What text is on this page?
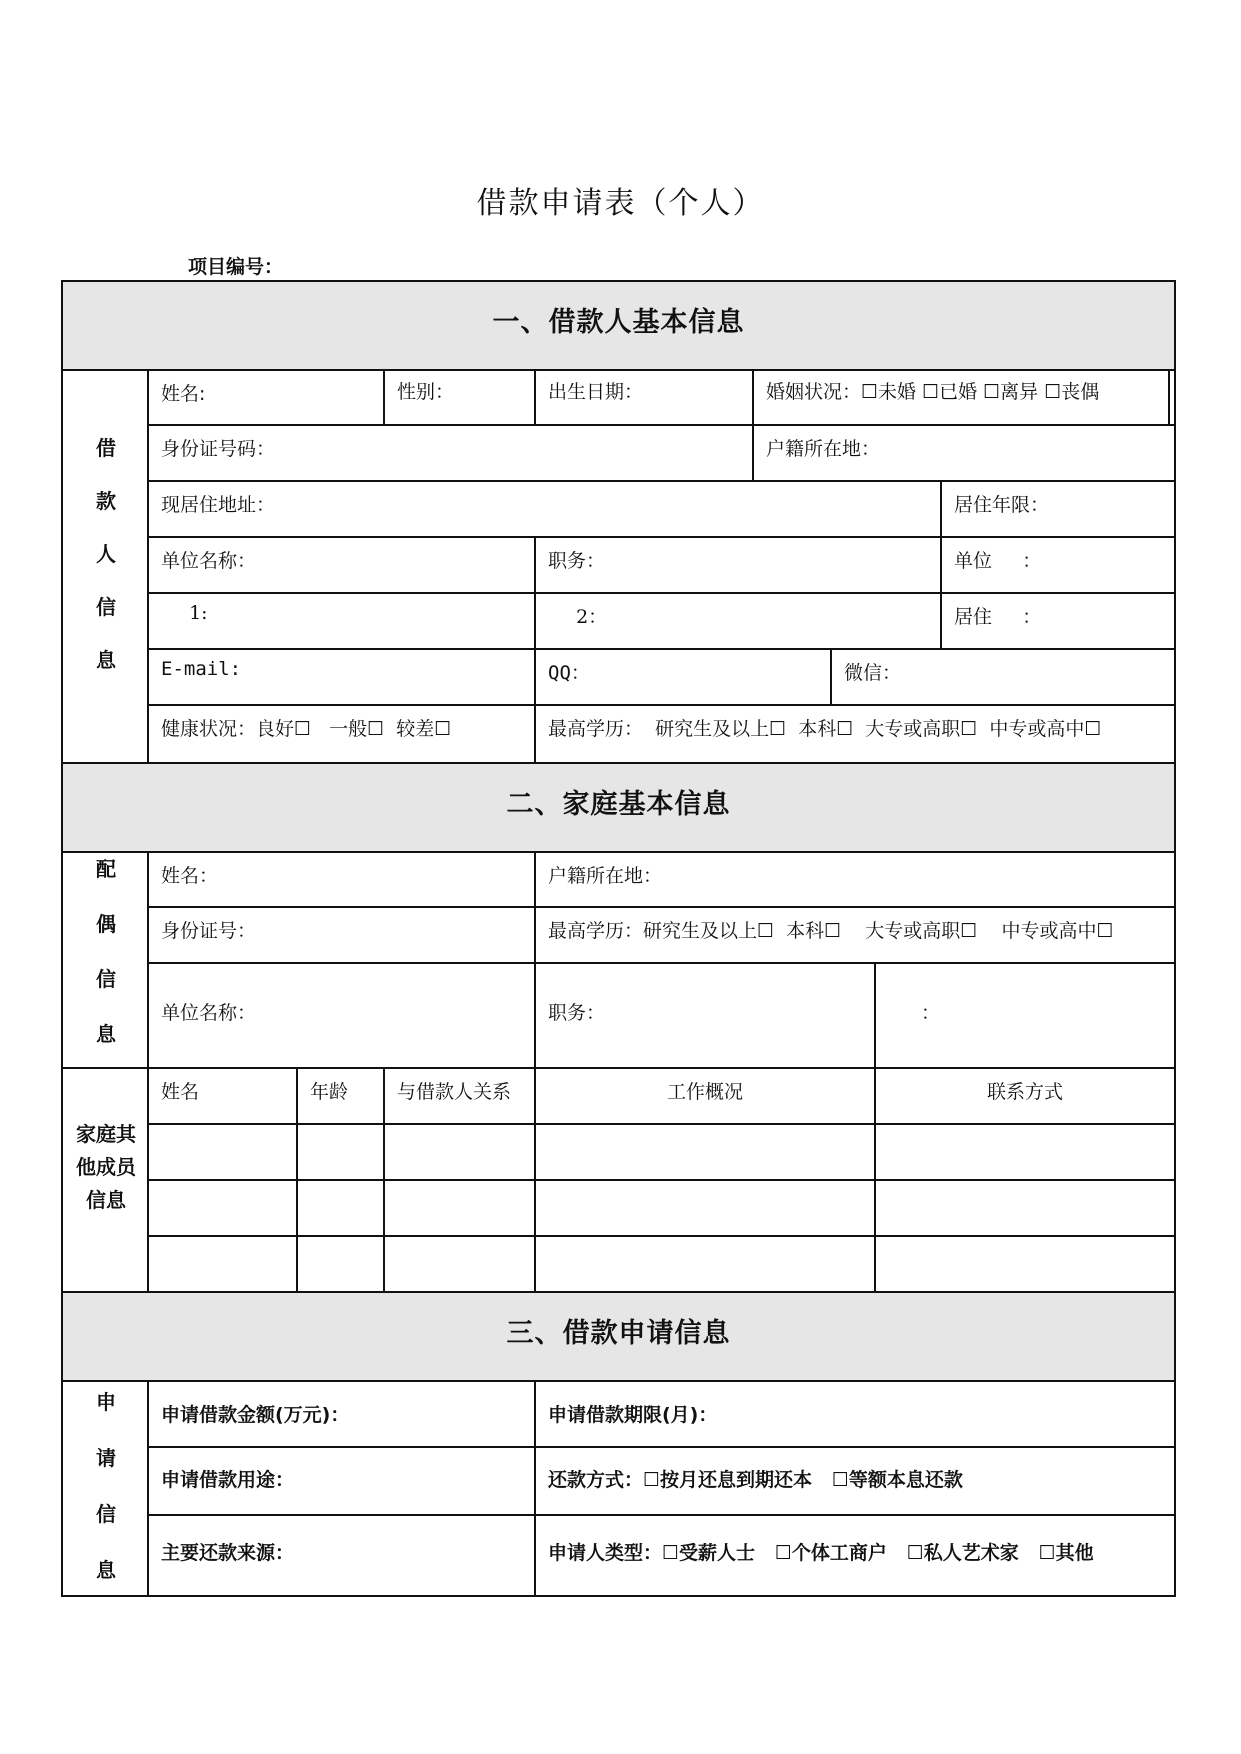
借款申请表（个人）
项目编号：
一、借款人基本信息
借
款
人
信
息
姓名:	性别：	出生日期：	婚姻状况：☐未婚 ☐已婚 ☐离异 ☐丧偶
身份证号码：	户籍所在地：
现居住地址：	居住年限：
单位名称：	职务：	单位     ：
1:	2：	居住     ：
E-mail:	QQ：	微信：
健康状况：良好☐   一般☐  较差☐	最高学历：  研究生及以上☐  本科☐  大专或高职☐  中专或高中☐
二、家庭基本信息
配
偶
信
息
姓名：	户籍所在地：
身份证号：	最高学历：研究生及以上☐  本科☐    大专或高职☐    中专或高中☐
单位名称：	职务：	：
家庭其
他成员
信息
姓名	年龄	与借款人关系	工作概况	联系方式
三、借款申请信息
申
请
信
息
申请借款金额(万元)：	申请借款期限(月)：
申请借款用途：	还款方式：☐按月还息到期还本   ☐等额本息还款
主要还款来源：	申请人类型：☐受薪人士   ☐个体工商户   ☐私人艺术家   ☐其他
